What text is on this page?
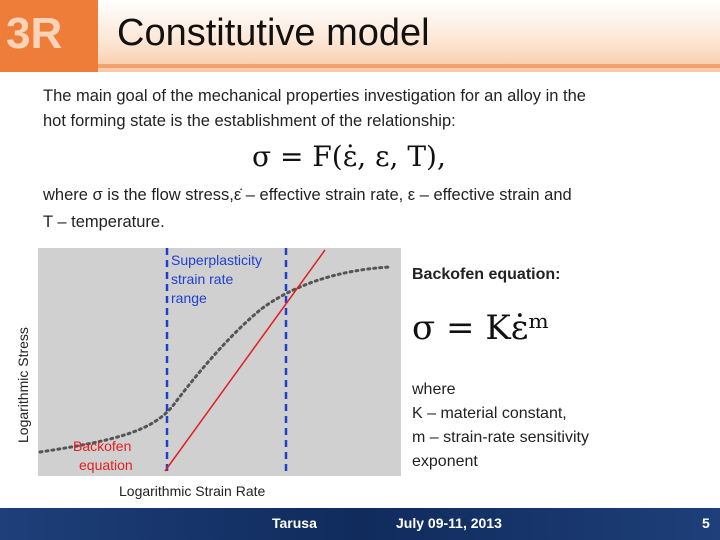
3R Constitutive model

The main goal of the mechanical properties investigation for an alloy in the

hot forming state is the establishment of the relationship:

σ = F(ε̇, ε, T),

where σ is the flow stress,ε̇ – effective strain rate, ε – effective strain and

T – temperature.

Superplasticity
strain rate
range
Backofen
equation
Logarithmic Strain Rate
Logarithmic Stress
Backofen equation:
σ = Kε̇ᵐ
where
K – material constant,
m – strain-rate sensitivity
exponent
Tarusa	July 09-11, 2013	5
